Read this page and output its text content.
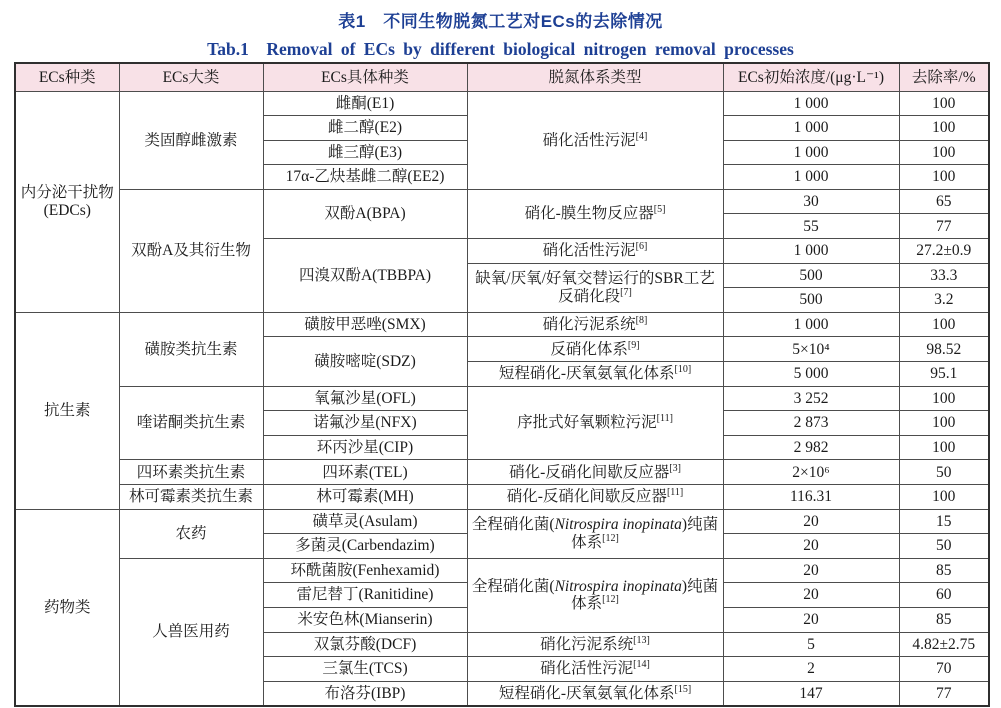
表1　不同生物脱氮工艺对ECs的去除情况
Tab.1　Removal of ECs by different biological nitrogen removal processes
ECs种类	ECs大类	ECs具体种类	脱氮体系类型	ECs初始浓度/(μg·L⁻¹)	去除率/%
内分泌干扰物(EDCs)	类固醇雌激素	雌酮(E1)	硝化活性污泥[4]	1 000	100
		雌二醇(E2)		1 000	100
		雌三醇(E3)		1 000	100
		17α-乙炔基雌二醇(EE2)		1 000	100
	双酚A及其衍生物	双酚A(BPA)	硝化-膜生物反应器[5]	30	65
				55	77
		四溴双酚A(TBBPA)	硝化活性污泥[6]	1 000	27.2±0.9
			缺氧/厌氧/好氧交替运行的SBR工艺反硝化段[7]	500	33.3
				500	3.2
抗生素	磺胺类抗生素	磺胺甲恶唑(SMX)	硝化污泥系统[8]	1 000	100
		磺胺嘧啶(SDZ)	反硝化体系[9]	5×10⁴	98.52
			短程硝化-厌氧氨氧化体系[10]	5 000	95.1
	喹诺酮类抗生素	氧氟沙星(OFL)	序批式好氧颗粒污泥[11]	3 252	100
		诺氟沙星(NFX)		2 873	100
		环丙沙星(CIP)		2 982	100
	四环素类抗生素	四环素(TEL)	硝化-反硝化间歇反应器[3]	2×10⁶	50
	林可霉素类抗生素	林可霉素(MH)	硝化-反硝化间歇反应器[11]	116.31	100
药物类	农药	磺草灵(Asulam)	全程硝化菌(Nitrospira inopinata)纯菌体系[12]	20	15
		多菌灵(Carbendazim)		20	50
	人兽医用药	环酰菌胺(Fenhexamid)	全程硝化菌(Nitrospira inopinata)纯菌体系[12]	20	85
		雷尼替丁(Ranitidine)		20	60
		米安色林(Mianserin)		20	85
		双氯芬酸(DCF)	硝化污泥系统[13]	5	4.82±2.75
		三氯生(TCS)	硝化活性污泥[14]	2	70
		布洛芬(IBP)	短程硝化-厌氧氨氧化体系[15]	147	77
